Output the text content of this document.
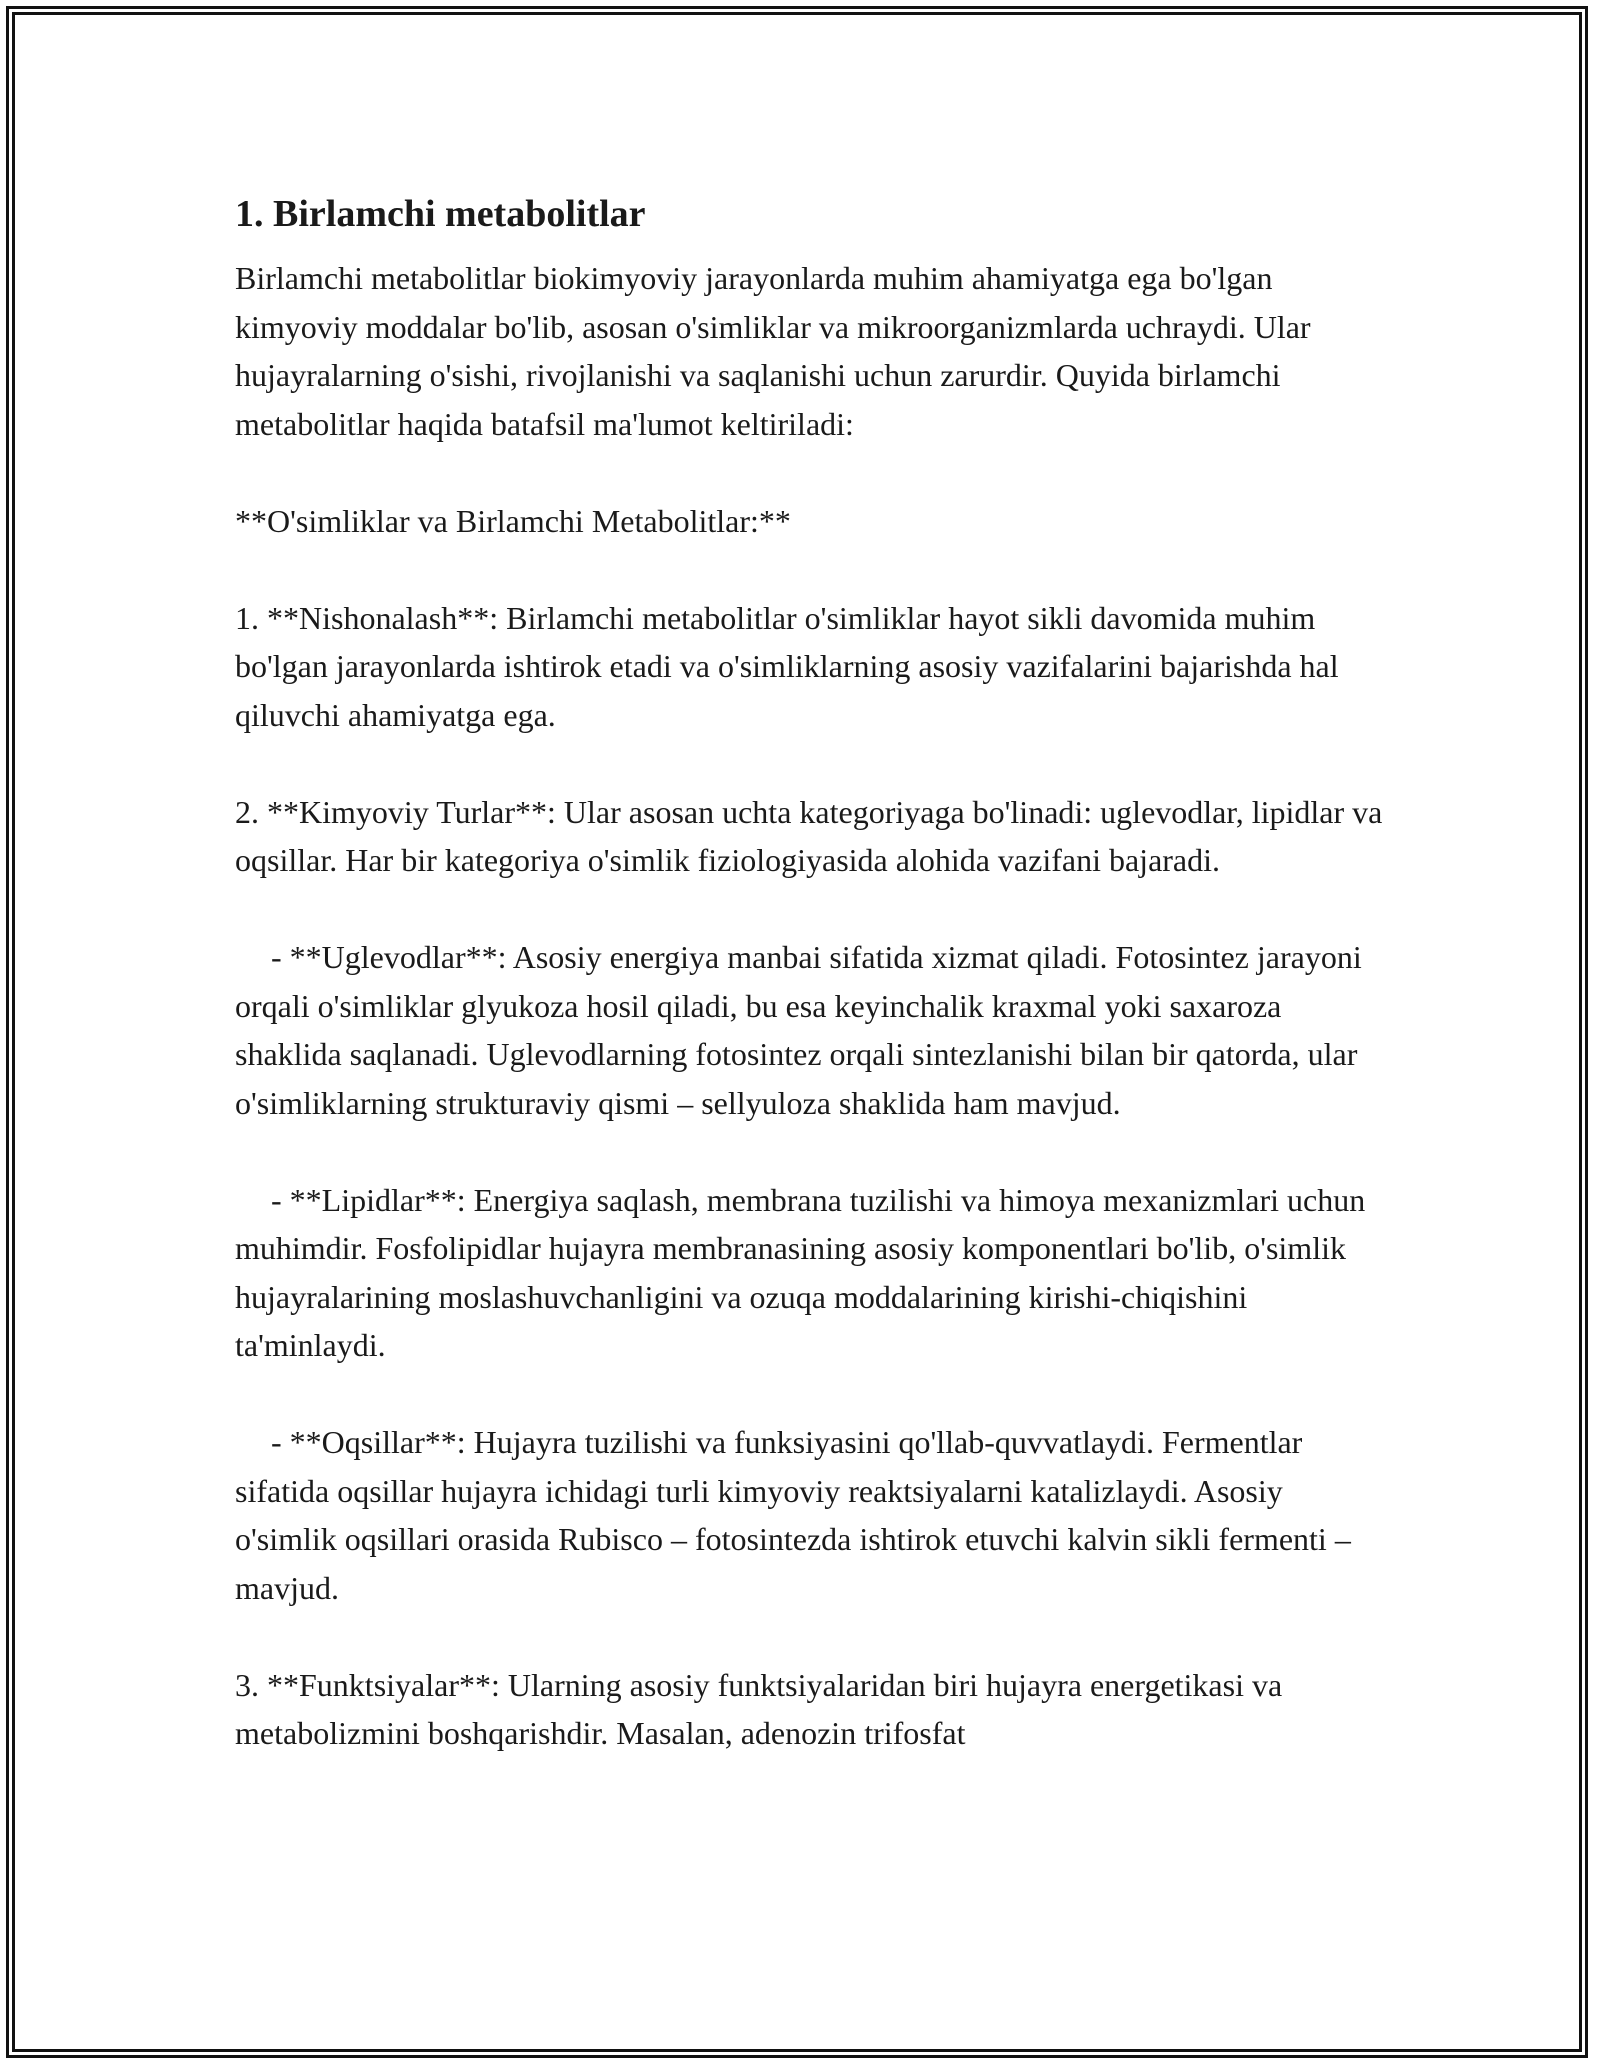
1. Birlamchi metabolitlar

Birlamchi metabolitlar biokimyoviy jarayonlarda muhim ahamiyatga ega bo'lgan kimyoviy moddalar bo'lib, asosan o'simliklar va mikroorganizmlarda uchraydi. Ular hujayralarning o'sishi, rivojlanishi va saqlanishi uchun zarurdir. Quyida birlamchi metabolitlar haqida batafsil ma'lumot keltiriladi:

**O'simliklar va Birlamchi Metabolitlar:**

1. **Nishonalash**: Birlamchi metabolitlar o'simliklar hayot sikli davomida muhim bo'lgan jarayonlarda ishtirok etadi va o'simliklarning asosiy vazifalarini bajarishda hal qiluvchi ahamiyatga ega.

2. **Kimyoviy Turlar**: Ular asosan uchta kategoriyaga bo'linadi: uglevodlar, lipidlar va oqsillar. Har bir kategoriya o'simlik fiziologiyasida alohida vazifani bajaradi.

- **Uglevodlar**: Asosiy energiya manbai sifatida xizmat qiladi. Fotosintez jarayoni orqali o'simliklar glyukoza hosil qiladi, bu esa keyinchalik kraxmal yoki saxaroza shaklida saqlanadi. Uglevodlarning fotosintez orqali sintezlanishi bilan bir qatorda, ular o'simliklarning strukturaviy qismi – sellyuloza shaklida ham mavjud.

- **Lipidlar**: Energiya saqlash, membrana tuzilishi va himoya mexanizmlari uchun muhimdir. Fosfolipidlar hujayra membranasining asosiy komponentlari bo'lib, o'simlik hujayralarining moslashuvchanligini va ozuqa moddalarining kirishi-chiqishini ta'minlaydi.

- **Oqsillar**: Hujayra tuzilishi va funksiyasini qo'llab-quvvatlaydi. Fermentlar sifatida oqsillar hujayra ichidagi turli kimyoviy reaktsiyalarni katalizlaydi. Asosiy o'simlik oqsillari orasida Rubisco – fotosintezda ishtirok etuvchi kalvin sikli fermenti – mavjud.

3. **Funktsiyalar**: Ularning asosiy funktsiyalaridan biri hujayra energetikasi va metabolizmini boshqarishdir. Masalan, adenozin trifosfat
